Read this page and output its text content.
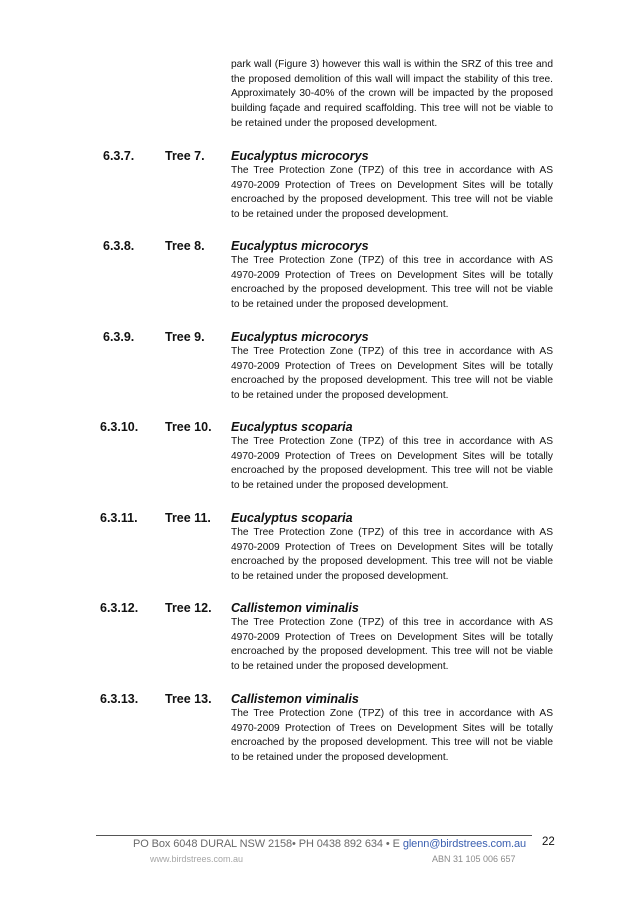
park wall (Figure 3) however this wall is within the SRZ of this tree and the proposed demolition of this wall will impact the stability of this tree. Approximately 30-40% of the crown will be impacted by the proposed building façade and required scaffolding. This tree will not be viable to be retained under the proposed development.
6.3.7. Tree 7. Eucalyptus microcorys
The Tree Protection Zone (TPZ) of this tree in accordance with AS 4970-2009 Protection of Trees on Development Sites will be totally encroached by the proposed development. This tree will not be viable to be retained under the proposed development.
6.3.8. Tree 8. Eucalyptus microcorys
The Tree Protection Zone (TPZ) of this tree in accordance with AS 4970-2009 Protection of Trees on Development Sites will be totally encroached by the proposed development. This tree will not be viable to be retained under the proposed development.
6.3.9. Tree 9. Eucalyptus microcorys
The Tree Protection Zone (TPZ) of this tree in accordance with AS 4970-2009 Protection of Trees on Development Sites will be totally encroached by the proposed development. This tree will not be viable to be retained under the proposed development.
6.3.10. Tree 10. Eucalyptus scoparia
The Tree Protection Zone (TPZ) of this tree in accordance with AS 4970-2009 Protection of Trees on Development Sites will be totally encroached by the proposed development. This tree will not be viable to be retained under the proposed development.
6.3.11. Tree 11. Eucalyptus scoparia
The Tree Protection Zone (TPZ) of this tree in accordance with AS 4970-2009 Protection of Trees on Development Sites will be totally encroached by the proposed development. This tree will not be viable to be retained under the proposed development.
6.3.12. Tree 12. Callistemon viminalis
The Tree Protection Zone (TPZ) of this tree in accordance with AS 4970-2009 Protection of Trees on Development Sites will be totally encroached by the proposed development. This tree will not be viable to be retained under the proposed development.
6.3.13. Tree 13. Callistemon viminalis
The Tree Protection Zone (TPZ) of this tree in accordance with AS 4970-2009 Protection of Trees on Development Sites will be totally encroached by the proposed development. This tree will not be viable to be retained under the proposed development.
PO Box 6048 DURAL NSW 2158• PH 0438 892 634 • E glenn@birdstrees.com.au
www.birdstrees.com.au	ABN 31 105 006 657
22
